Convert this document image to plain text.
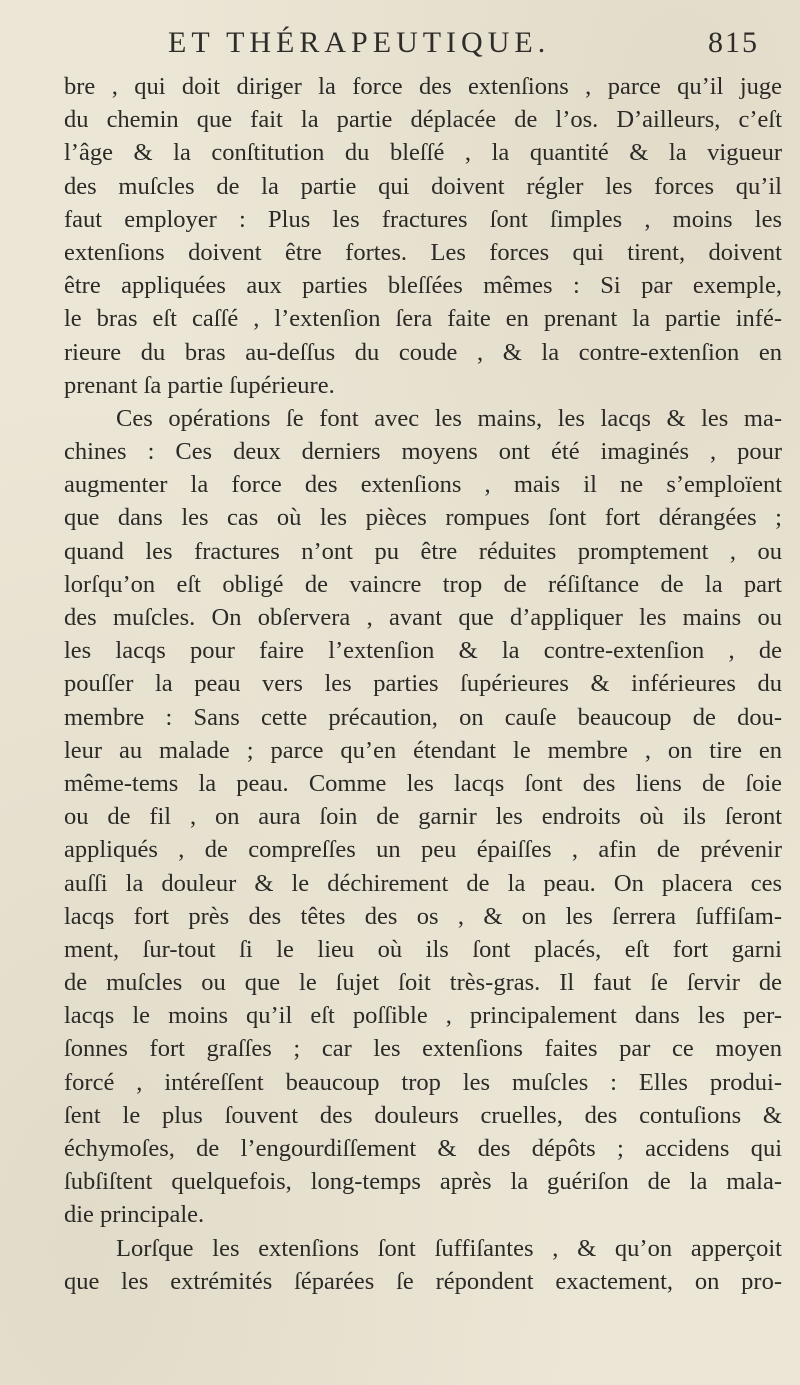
ET THÉRAPEUTIQUE.	815
bre , qui doit diriger la force des extenſions , parce qu’il juge
du chemin que fait la partie déplacée de l’os. D’ailleurs, c’eſt
l’âge & la conſtitution du bleſſé , la quantité & la vigueur
des muſcles de la partie qui doivent régler les forces qu’il
faut employer : Plus les fractures ſont ſimples , moins les
extenſions doivent être fortes. Les forces qui tirent, doivent
être appliquées aux parties bleſſées mêmes : Si par exemple,
le bras eſt caſſé , l’extenſion ſera faite en prenant la partie infé-
rieure du bras au-deſſus du coude , & la contre-extenſion en
prenant ſa partie ſupérieure.
Ces opérations ſe font avec les mains, les lacqs & les ma-
chines : Ces deux derniers moyens ont été imaginés , pour
augmenter la force des extenſions , mais il ne s’emploïent
que dans les cas où les pièces rompues ſont fort dérangées ;
quand les fractures n’ont pu être réduites promptement , ou
lorſqu’on eſt obligé de vaincre trop de réſiſtance de la part
des muſcles. On obſervera , avant que d’appliquer les mains ou
les lacqs pour faire l’extenſion & la contre-extenſion , de
pouſſer la peau vers les parties ſupérieures & inférieures du
membre : Sans cette précaution, on cauſe beaucoup de dou-
leur au malade ; parce qu’en étendant le membre , on tire en
même-tems la peau. Comme les lacqs ſont des liens de ſoie
ou de fil , on aura ſoin de garnir les endroits où ils ſeront
appliqués , de compreſſes un peu épaiſſes , afin de prévenir
auſſi la douleur & le déchirement de la peau. On placera ces
lacqs fort près des têtes des os , & on les ſerrera ſuffiſam-
ment, ſur-tout ſi le lieu où ils ſont placés, eſt fort garni
de muſcles ou que le ſujet ſoit très-gras. Il faut ſe ſervir de
lacqs le moins qu’il eſt poſſible , principalement dans les per-
ſonnes fort graſſes ; car les extenſions faites par ce moyen
forcé , intéreſſent beaucoup trop les muſcles : Elles produi-
ſent le plus ſouvent des douleurs cruelles, des contuſions &
échymoſes, de l’engourdiſſement & des dépôts ; accidens qui
ſubſiſtent quelquefois, long-temps après la guériſon de la mala-
die principale.
Lorſque les extenſions ſont ſuffiſantes , & qu’on apperçoit
que les extrémités ſéparées ſe répondent exactement, on pro-
